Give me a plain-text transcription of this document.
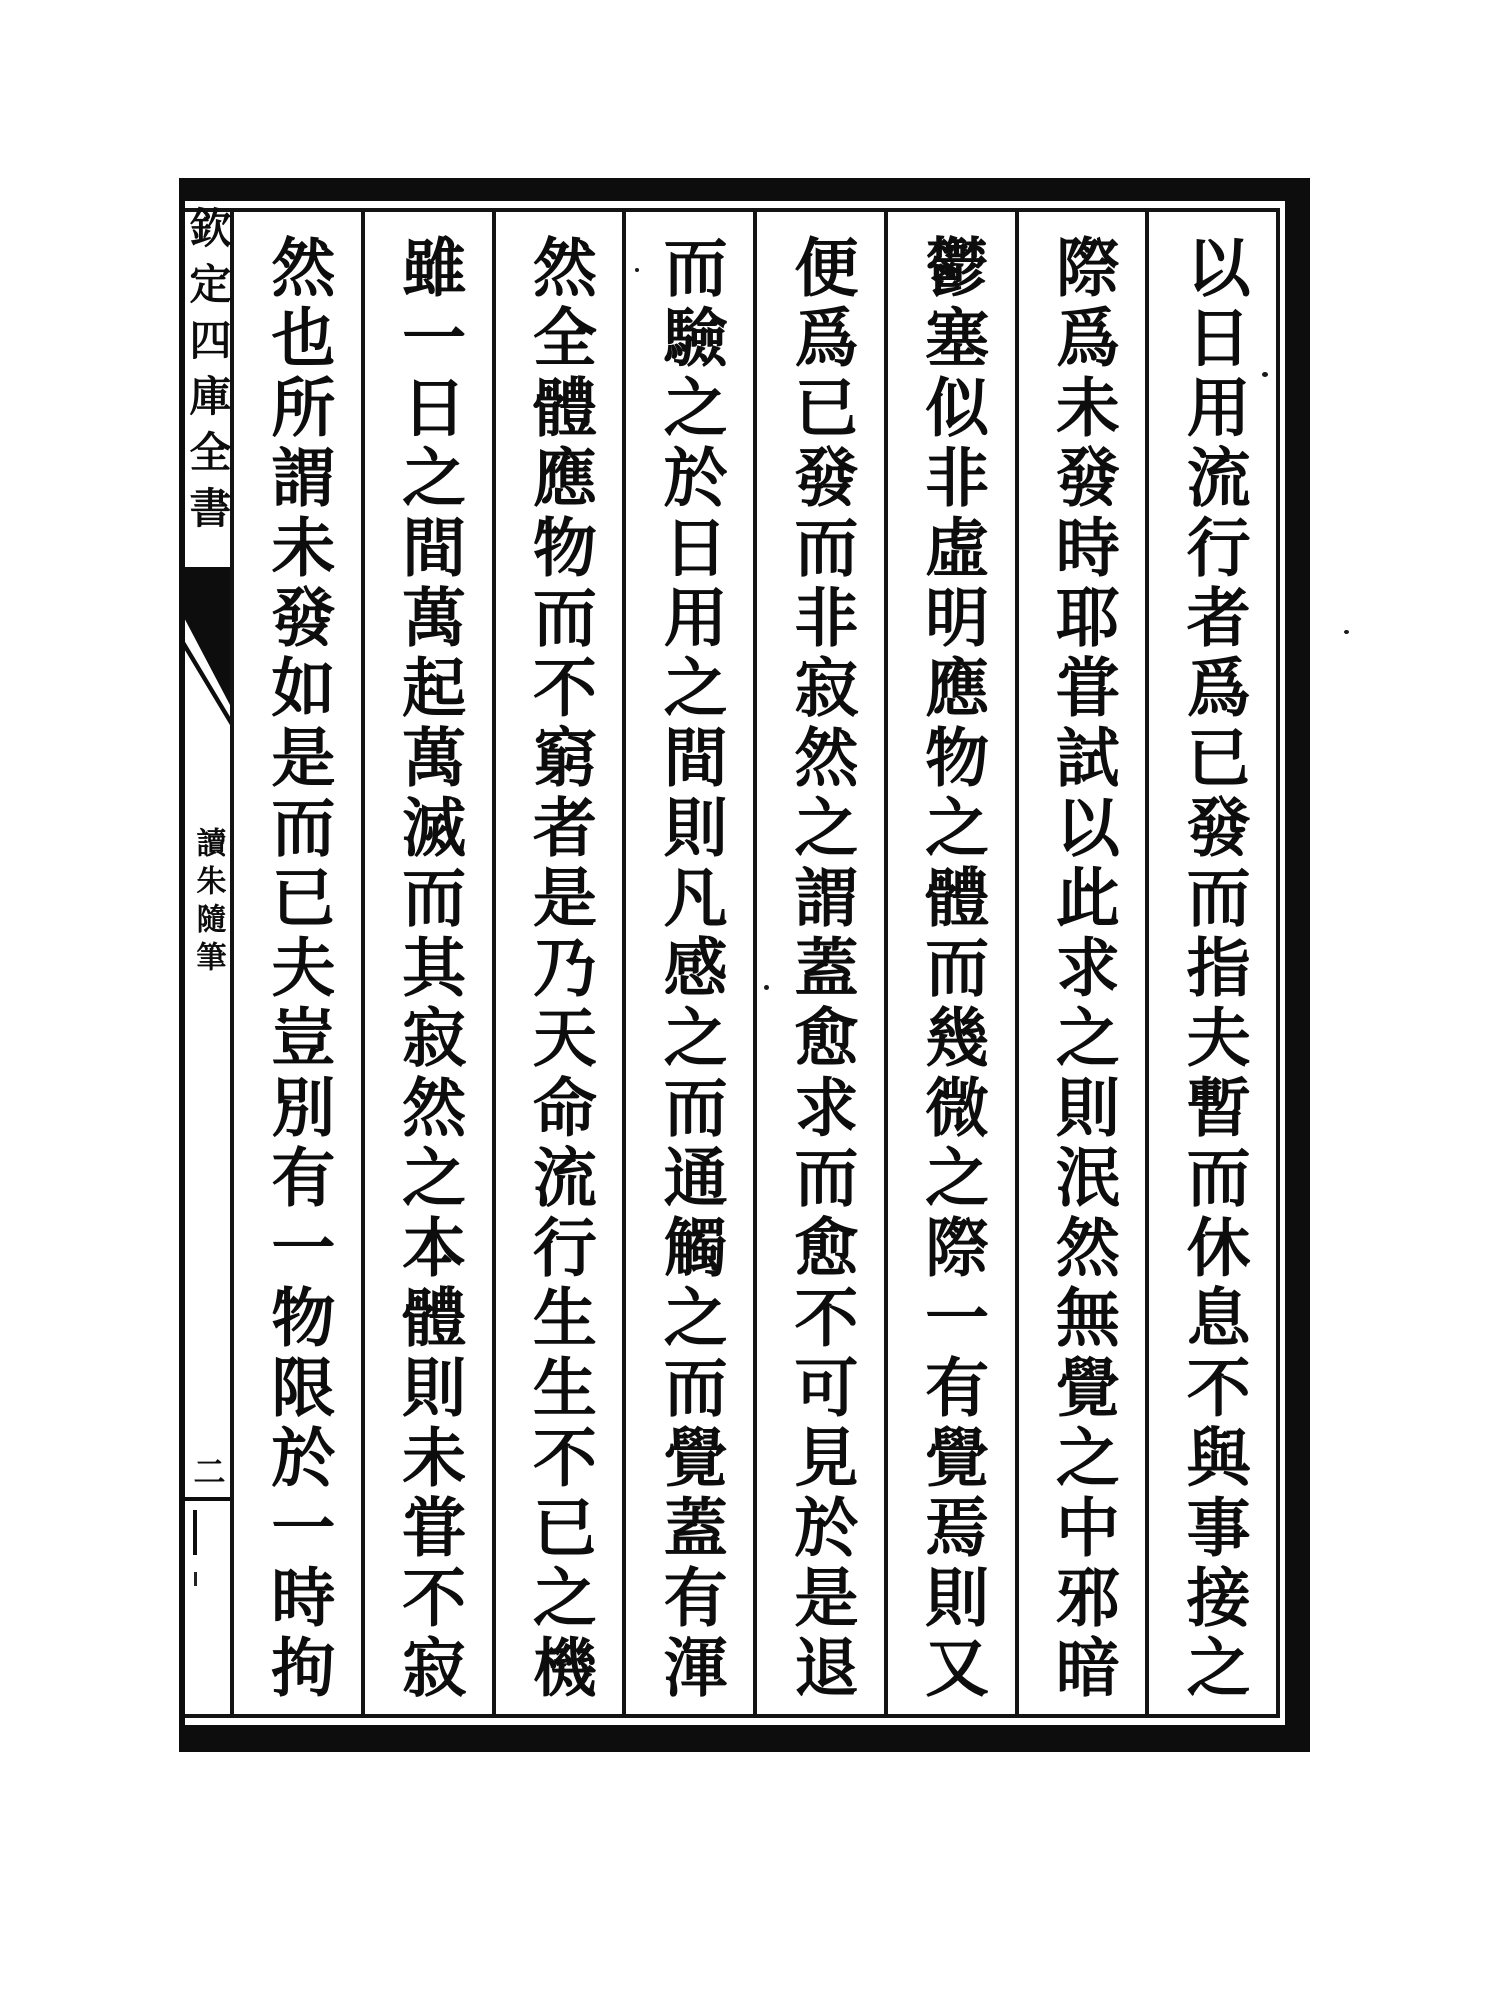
以日用流行者爲已發而指夫暫而休息不與事接之
際爲未發時耶甞試以此求之則泯然無覺之中邪暗
鬱塞似非虛明應物之體而幾微之際一有覺焉則又
便爲已發而非寂然之謂蓋愈求而愈不可見於是退
而驗之於日用之間則凡感之而通觸之而覺蓋有渾
然全體應物而不窮者是乃天命流行生生不已之機
雖一日之間萬起萬滅而其寂然之本體則未甞不寂
然也所謂未發如是而已夫豈別有一物限於一時拘
欽定四庫全書
讀朱隨筆
二
